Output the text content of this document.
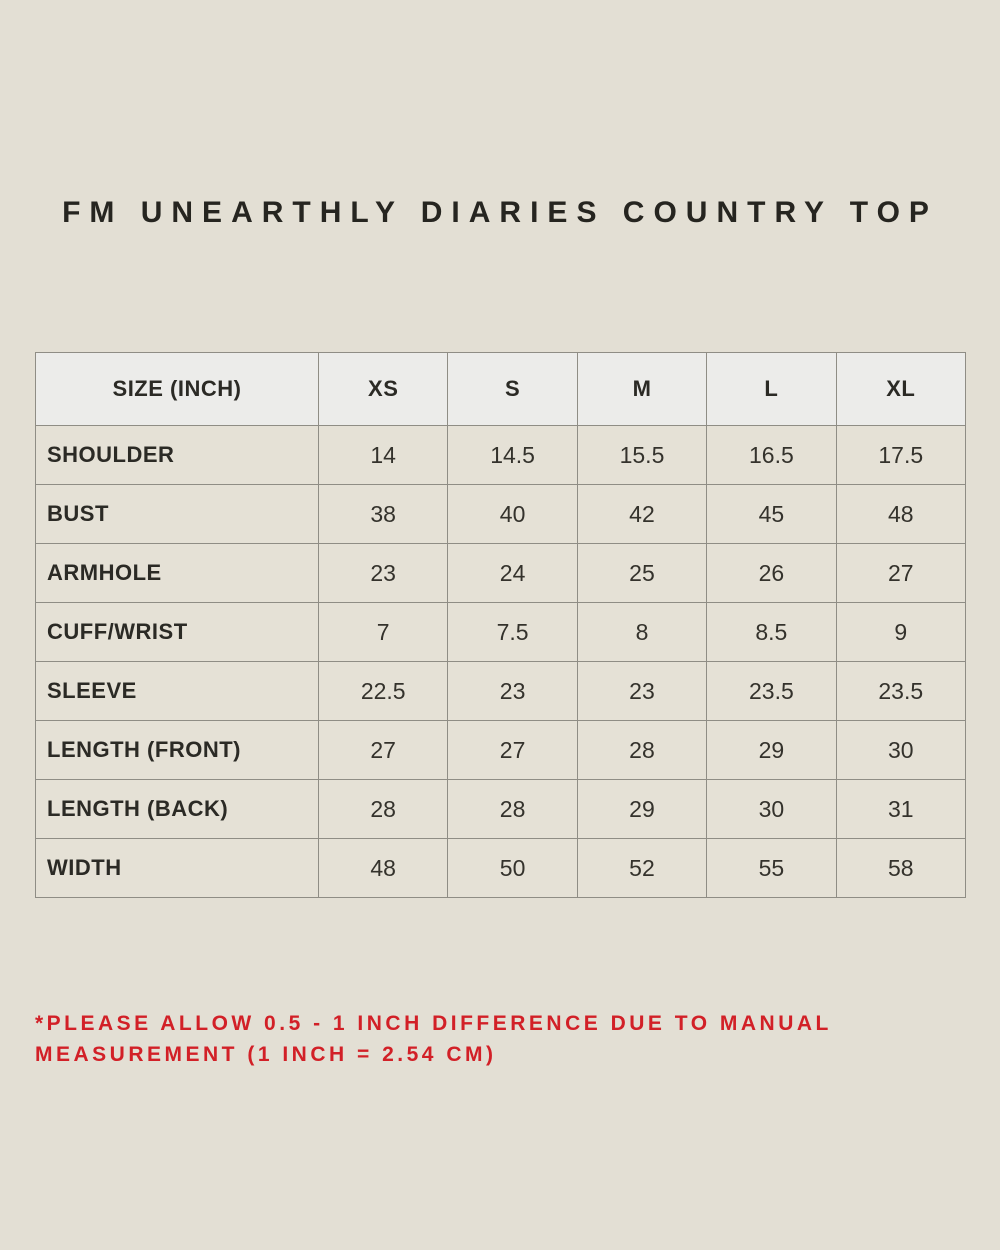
FM UNEARTHLY DIARIES COUNTRY TOP
SIZE (INCH)	XS	S	M	L	XL
SHOULDER	14	14.5	15.5	16.5	17.5
BUST	38	40	42	45	48
ARMHOLE	23	24	25	26	27
CUFF/WRIST	7	7.5	8	8.5	9
SLEEVE	22.5	23	23	23.5	23.5
LENGTH (FRONT)	27	27	28	29	30
LENGTH (BACK)	28	28	29	30	31
WIDTH	48	50	52	55	58
*PLEASE ALLOW 0.5 - 1 INCH DIFFERENCE DUE TO MANUAL MEASUREMENT (1 INCH = 2.54 CM)
